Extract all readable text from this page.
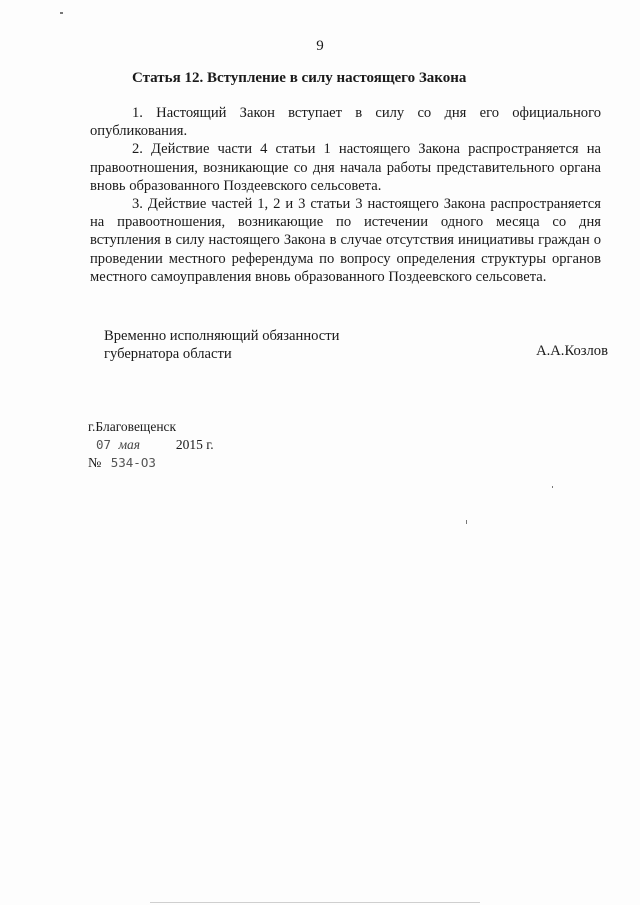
9
Статья 12. Вступление в силу настоящего Закона

1. Настоящий Закон вступает в силу со дня его официального опубликования.

2. Действие части 4 статьи 1 настоящего Закона распространяется на правоотношения, возникающие со дня начала работы представительного органа вновь образованного Поздеевского сельсовета.

3. Действие частей 1, 2 и 3 статьи 3 настоящего Закона распространяется на правоотношения, возникающие по истечении одного месяца со дня вступления в силу настоящего Закона в случае отсутствия инициативы граждан о проведении местного референдума по вопросу определения структуры органов местного самоуправления вновь образованного Поздеевского сельсовета.

Временно исполняющий обязанности
губернатора области	А.А.Козлов
г.Благовещенск
07 мая	2015 г.
№ 534-ОЗ
